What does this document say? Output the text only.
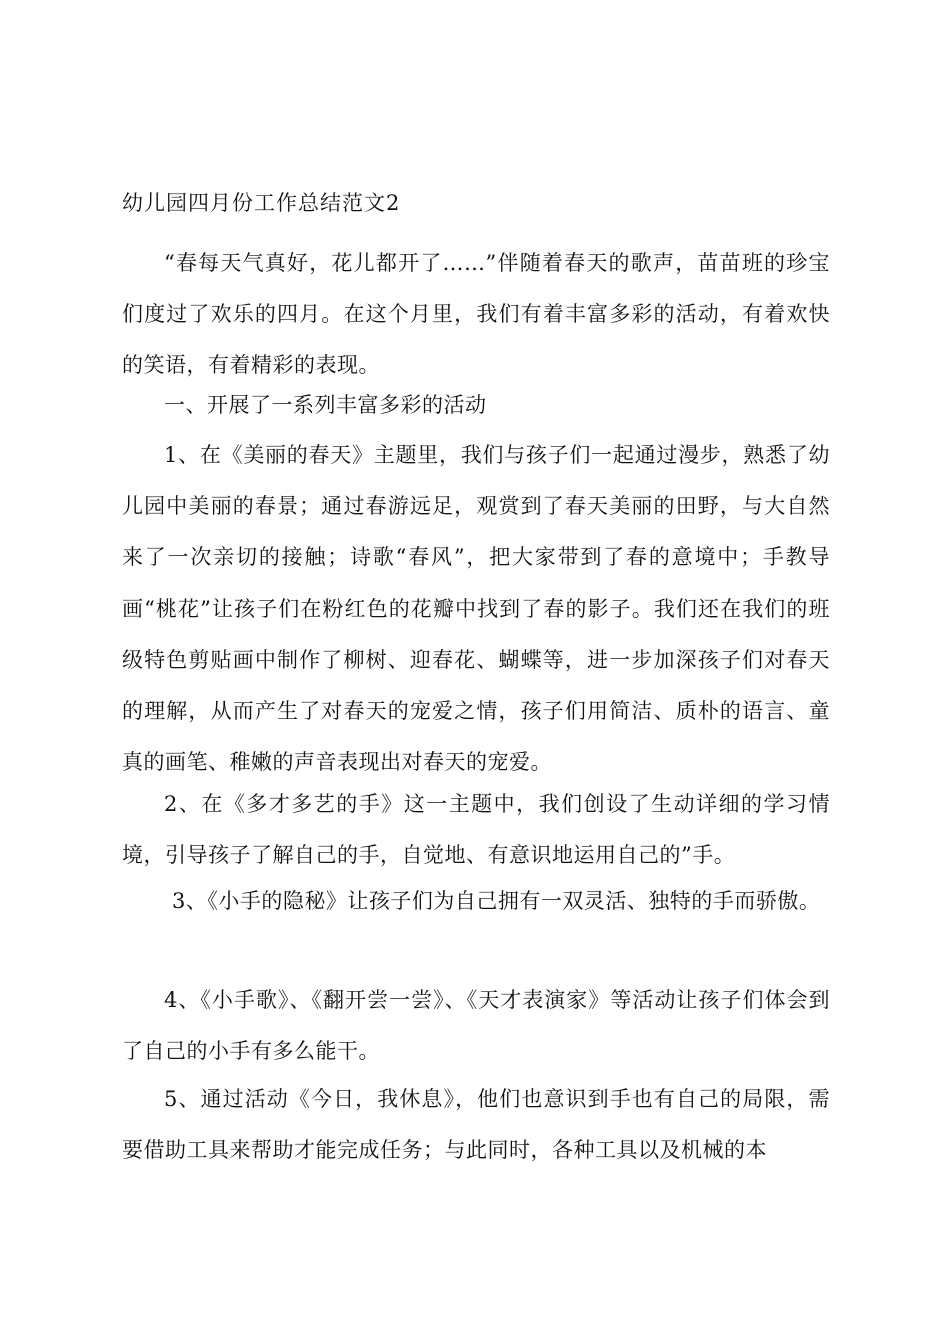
幼儿园四月份工作总结范文2

“春每天气真好，花儿都开了……”伴随着春天的歌声，苗苗班的珍宝们度过了欢乐的四月。在这个月里，我们有着丰富多彩的活动，有着欢快的笑语，有着精彩的表现。

一、开展了一系列丰富多彩的活动

1、在《美丽的春天》主题里，我们与孩子们一起通过漫步，熟悉了幼儿园中美丽的春景；通过春游远足，观赏到了春天美丽的田野，与大自然来了一次亲切的接触；诗歌“春风”，把大家带到了春的意境中；手教导画“桃花”让孩子们在粉红色的花瓣中找到了春的影子。我们还在我们的班级特色剪贴画中制作了柳树、迎春花、蝴蝶等，进一步加深孩子们对春天的理解，从而产生了对春天的宠爱之情，孩子们用简洁、质朴的语言、童真的画笔、稚嫩的声音表现出对春天的宠爱。

2、在《多才多艺的手》这一主题中，我们创设了生动详细的学习情境，引导孩子了解自己的手，自觉地、有意识地运用自己的”手。

3、《小手的隐秘》让孩子们为自己拥有一双灵活、独特的手而骄傲。

4、《小手歌》、《翻开尝一尝》、《天才表演家》等活动让孩子们体会到了自己的小手有多么能干。

5、通过活动《今日，我休息》，他们也意识到手也有自己的局限，需要借助工具来帮助才能完成任务；与此同时，各种工具以及机械的本
